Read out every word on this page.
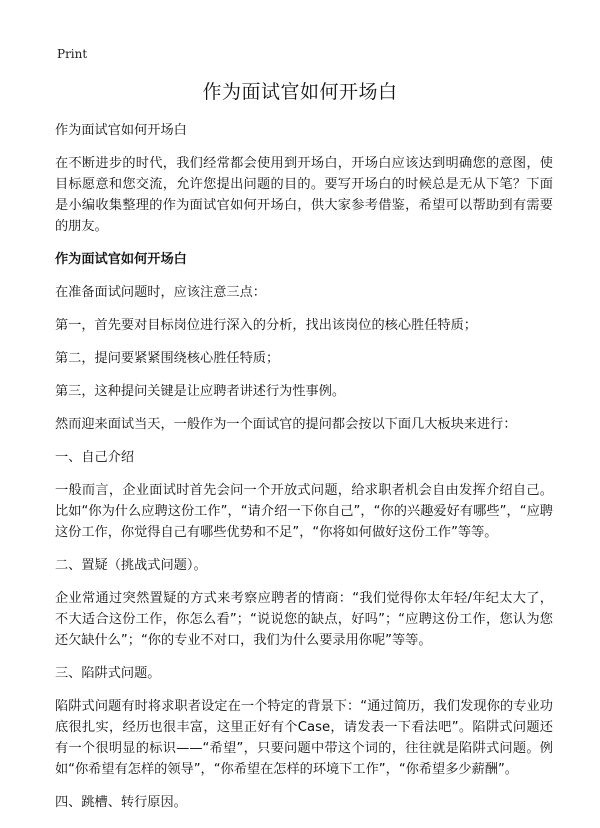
Print
作为面试官如何开场白

作为面试官如何开场白

在不断进步的时代，我们经常都会使用到开场白，开场白应该达到明确您的意图，使目标愿意和您交流，允许您提出问题的目的。要写开场白的时候总是无从下笔？下面是小编收集整理的作为面试官如何开场白，供大家参考借鉴，希望可以帮助到有需要的朋友。

作为面试官如何开场白

在准备面试问题时，应该注意三点：

第一，首先要对目标岗位进行深入的分析，找出该岗位的核心胜任特质；

第二，提问要紧紧围绕核心胜任特质；

第三，这种提问关键是让应聘者讲述行为性事例。

然而迎来面试当天，一般作为一个面试官的提问都会按以下面几大板块来进行：

一、自己介绍

一般而言，企业面试时首先会问一个开放式问题，给求职者机会自由发挥介绍自己。比如“你为什么应聘这份工作”，“请介绍一下你自己”，“你的兴趣爱好有哪些”，“应聘这份工作，你觉得自己有哪些优势和不足”，“你将如何做好这份工作”等等。

二、置疑（挑战式问题）。

企业常通过突然置疑的方式来考察应聘者的情商：“我们觉得你太年轻/年纪太大了，不大适合这份工作，你怎么看”；“说说您的缺点，好吗”；“应聘这份工作，您认为您还欠缺什么”；“你的专业不对口，我们为什么要录用你呢”等等。

三、陷阱式问题。

陷阱式问题有时将求职者设定在一个特定的背景下：“通过简历，我们发现你的专业功底很扎实，经历也很丰富，这里正好有个Case，请发表一下看法吧”。陷阱式问题还有一个很明显的标识——“希望”，只要问题中带这个词的，往往就是陷阱式问题。例如“你希望有怎样的领导”，“你希望在怎样的环境下工作”，“你希望多少薪酬”。

四、跳槽、转行原因。
